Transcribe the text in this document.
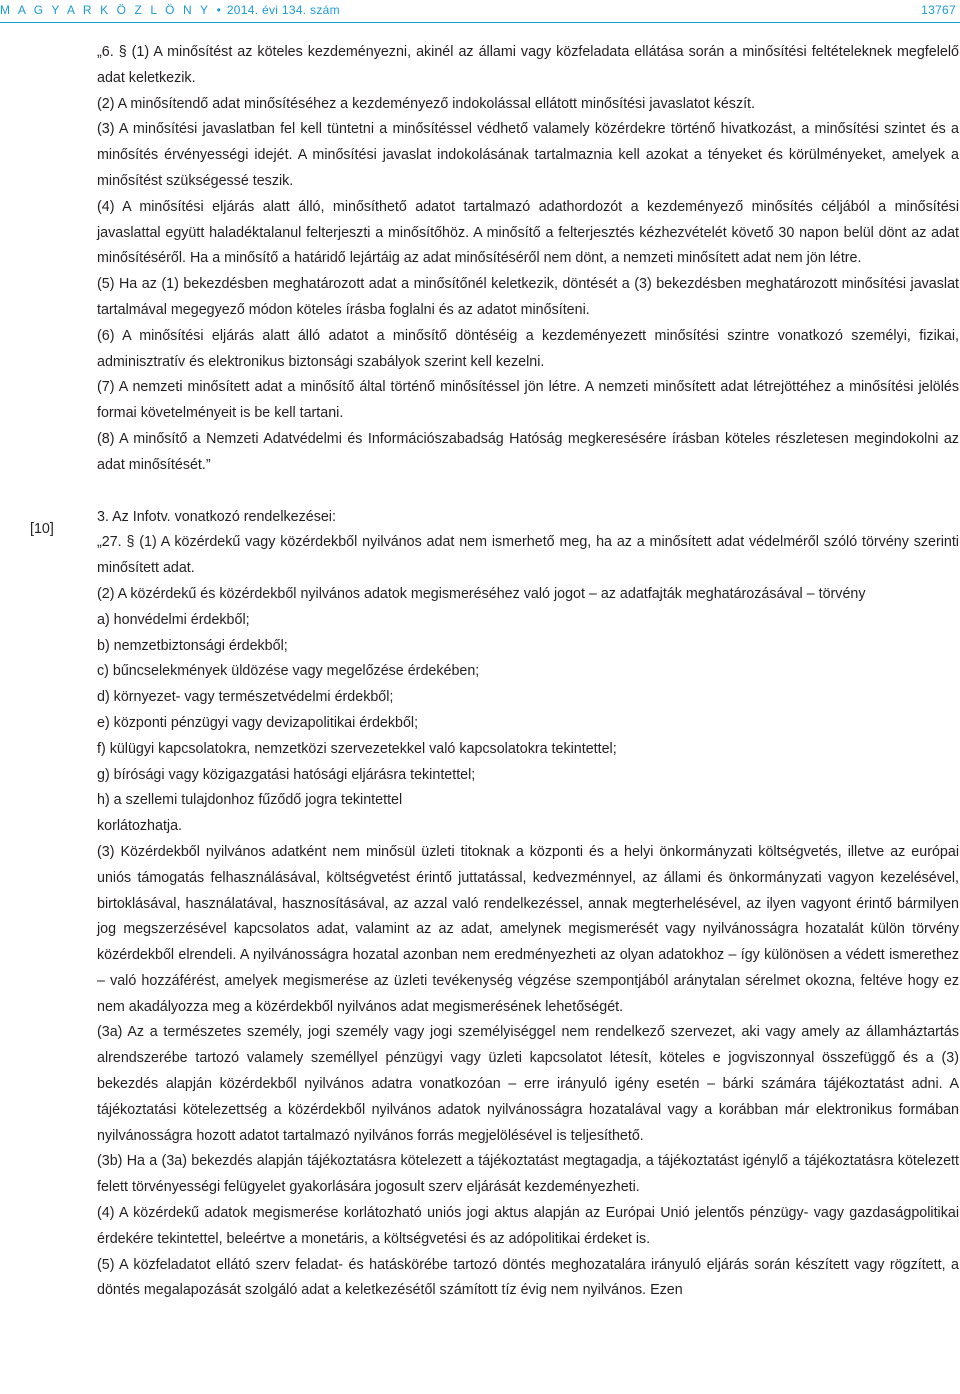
M A G Y A R K Ö Z L Ö N Y • 2014. évi 134. szám	13767

„6. § (1) A minősítést az köteles kezdeményezni, akinél az állami vagy közfeladata ellátása során a minősítési feltételeknek megfelelő adat keletkezik.

(2) A minősítendő adat minősítéséhez a kezdeményező indokolással ellátott minősítési javaslatot készít.

(3) A minősítési javaslatban fel kell tüntetni a minősítéssel védhető valamely közérdekre történő hivatkozást, a minősítési szintet és a minősítés érvényességi idejét. A minősítési javaslat indokolásának tartalmaznia kell azokat a tényeket és körülményeket, amelyek a minősítést szükségessé teszik.

(4) A minősítési eljárás alatt álló, minősíthető adatot tartalmazó adathordozót a kezdeményező minősítés céljából a minősítési javaslattal együtt haladéktalanul felterjeszti a minősítőhöz. A minősítő a felterjesztés kézhezvételét követő 30 napon belül dönt az adat minősítéséről. Ha a minősítő a határidő lejártáig az adat minősítéséről nem dönt, a nemzeti minősített adat nem jön létre.

(5) Ha az (1) bekezdésben meghatározott adat a minősítőnél keletkezik, döntését a (3) bekezdésben meghatározott minősítési javaslat tartalmával megegyező módon köteles írásba foglalni és az adatot minősíteni.

(6) A minősítési eljárás alatt álló adatot a minősítő döntéséig a kezdeményezett minősítési szintre vonatkozó személyi, fizikai, adminisztratív és elektronikus biztonsági szabályok szerint kell kezelni.

(7) A nemzeti minősített adat a minősítő által történő minősítéssel jön létre. A nemzeti minősített adat létrejöttéhez a minősítési jelölés formai követelményeit is be kell tartani.

(8) A minősítő a Nemzeti Adatvédelmi és Információszabadság Hatóság megkeresésére írásban köteles részletesen megindokolni az adat minősítését.”

3. Az Infotv. vonatkozó rendelkezései:

„27. § (1) A közérdekű vagy közérdekből nyilvános adat nem ismerhető meg, ha az a minősített adat védelméről szóló törvény szerinti minősített adat.

(2) A közérdekű és közérdekből nyilvános adatok megismeréséhez való jogot – az adatfajták meghatározásával – törvény

a) honvédelmi érdekből;

b) nemzetbiztonsági érdekből;

c) bűncselekmények üldözése vagy megelőzése érdekében;

d) környezet- vagy természetvédelmi érdekből;

e) központi pénzügyi vagy devizapolitikai érdekből;

f) külügyi kapcsolatokra, nemzetközi szervezetekkel való kapcsolatokra tekintettel;

g) bírósági vagy közigazgatási hatósági eljárásra tekintettel;

h) a szellemi tulajdonhoz fűződő jogra tekintettel

korlátozhatja.

(3) Közérdekből nyilvános adatként nem minősül üzleti titoknak a központi és a helyi önkormányzati költségvetés, illetve az európai uniós támogatás felhasználásával, költségvetést érintő juttatással, kedvezménnyel, az állami és önkormányzati vagyon kezelésével, birtoklásával, használatával, hasznosításával, az azzal való rendelkezéssel, annak megterhelésével, az ilyen vagyont érintő bármilyen jog megszerzésével kapcsolatos adat, valamint az az adat, amelynek megismerését vagy nyilvánosságra hozatalát külön törvény közérdekből elrendeli. A nyilvánosságra hozatal azonban nem eredményezheti az olyan adatokhoz – így különösen a védett ismerethez – való hozzáférést, amelyek megismerése az üzleti tevékenység végzése szempontjából aránytalan sérelmet okozna, feltéve hogy ez nem akadályozza meg a közérdekből nyilvános adat megismerésének lehetőségét.

(3a) Az a természetes személy, jogi személy vagy jogi személyiséggel nem rendelkező szervezet, aki vagy amely az államháztartás alrendszerébe tartozó valamely személlyel pénzügyi vagy üzleti kapcsolatot létesít, köteles e jogviszonnyal összefüggő és a (3) bekezdés alapján közérdekből nyilvános adatra vonatkozóan – erre irányuló igény esetén – bárki számára tájékoztatást adni. A tájékoztatási kötelezettség a közérdekből nyilvános adatok nyilvánosságra hozatalával vagy a korábban már elektronikus formában nyilvánosságra hozott adatot tartalmazó nyilvános forrás megjelölésével is teljesíthető.

(3b) Ha a (3a) bekezdés alapján tájékoztatásra kötelezett a tájékoztatást megtagadja, a tájékoztatást igénylő a tájékoztatásra kötelezett felett törvényességi felügyelet gyakorlására jogosult szerv eljárását kezdeményezheti.

(4) A közérdekű adatok megismerése korlátozható uniós jogi aktus alapján az Európai Unió jelentős pénzügy- vagy gazdaságpolitikai érdekére tekintettel, beleértve a monetáris, a költségvetési és az adópolitikai érdeket is.

(5) A közfeladatot ellátó szerv feladat- és hatáskörébe tartozó döntés meghozatalára irányuló eljárás során készített vagy rögzített, a döntés megalapozását szolgáló adat a keletkezésétől számított tíz évig nem nyilvános. Ezen

[10]
